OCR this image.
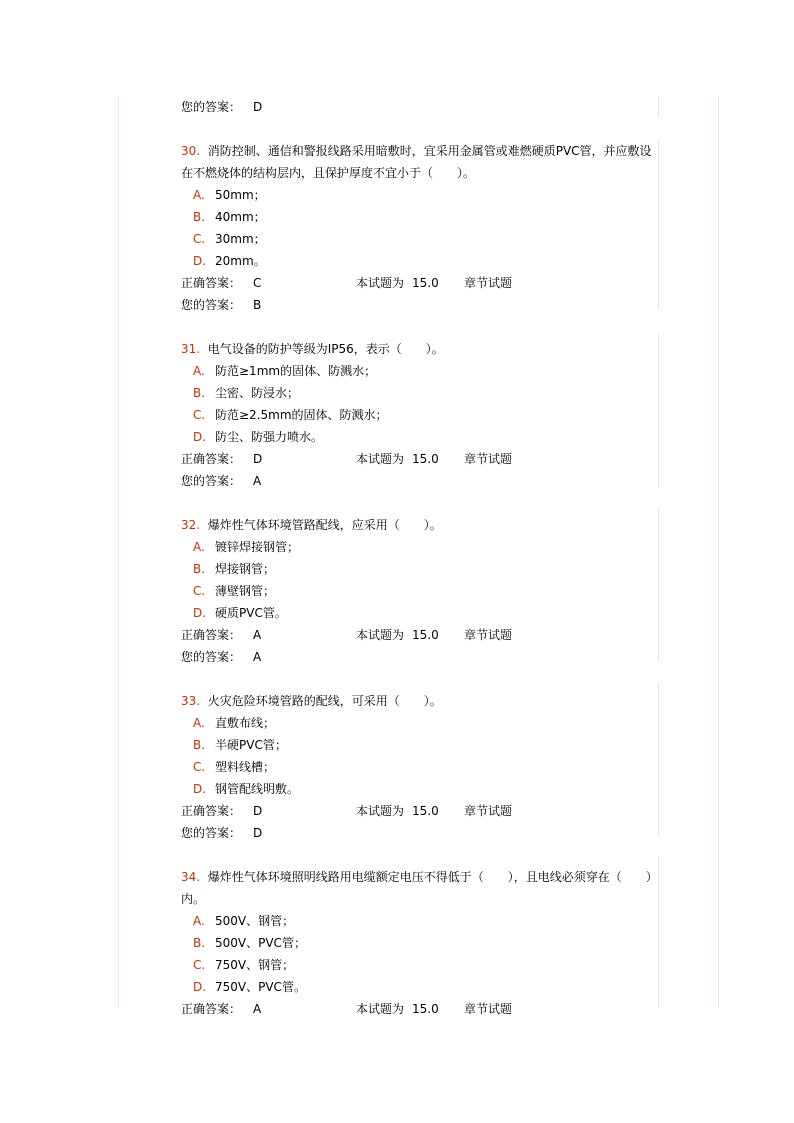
您的答案： D
30. 消防控制、通信和警报线路采用暗敷时，宜采用金属管或难燃硬质PVC管，并应敷设在不燃烧体的结构层内，且保护厚度不宜小于（　　）。
A. 50mm；
B. 40mm；
C. 30mm；
D. 20mm。
正确答案： C	本试题为 15.0 章节试题
您的答案： B
31. 电气设备的防护等级为IP56，表示（　　）。
A. 防范≥1mm的固体、防溅水；
B. 尘密、防浸水；
C. 防范≥2.5mm的固体、防溅水；
D. 防尘、防强力喷水。
正确答案： D	本试题为 15.0 章节试题
您的答案： A
32. 爆炸性气体环境管路配线，应采用（　　）。
A. 镀锌焊接钢管；
B. 焊接钢管；
C. 薄壁钢管；
D. 硬质PVC管。
正确答案： A	本试题为 15.0 章节试题
您的答案： A
33. 火灾危险环境管路的配线，可采用（　　）。
A. 直敷布线；
B. 半硬PVC管；
C. 塑料线槽；
D. 钢管配线明敷。
正确答案： D	本试题为 15.0 章节试题
您的答案： D
34. 爆炸性气体环境照明线路用电缆额定电压不得低于（　　），且电线必须穿在（　　）内。
A. 500V、钢管；
B. 500V、PVC管；
C. 750V、钢管；
D. 750V、PVC管。
正确答案： A	本试题为 15.0 章节试题
